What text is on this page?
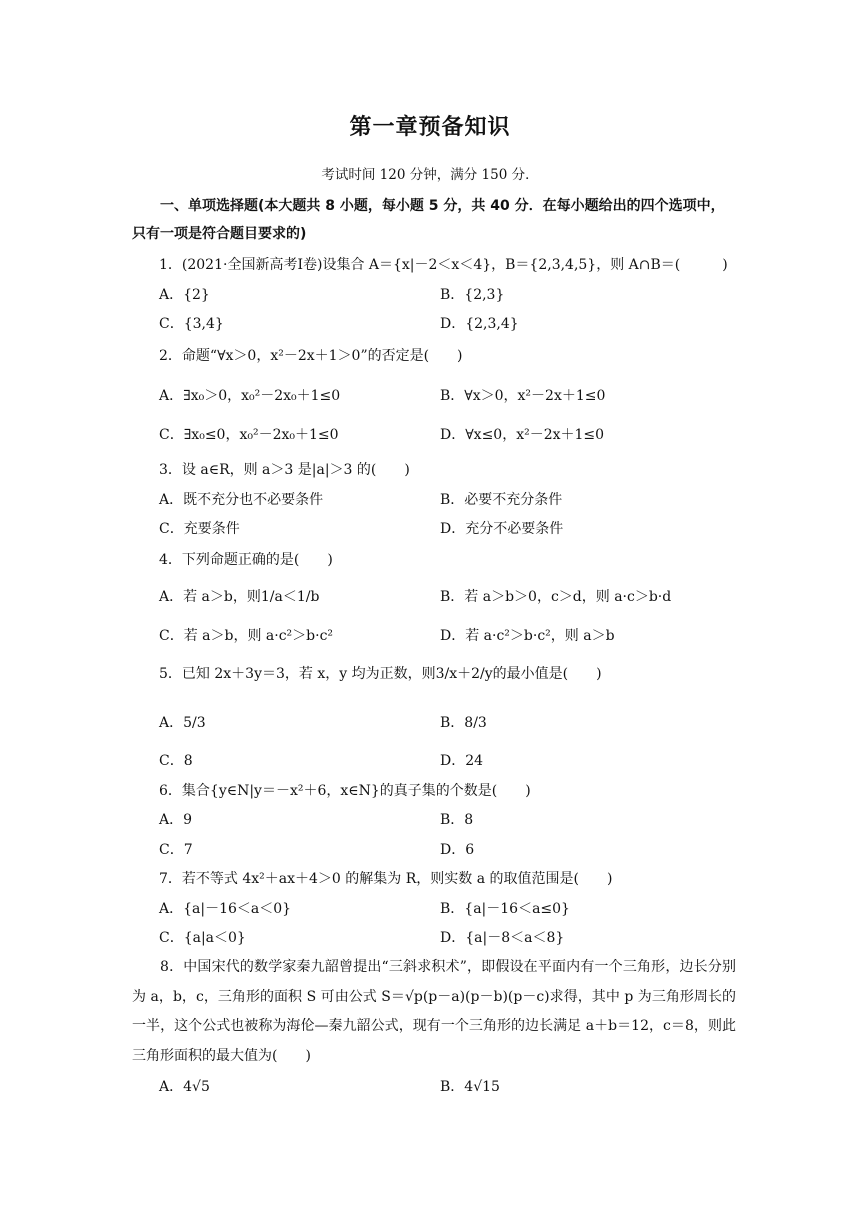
第一章预备知识
考试时间 120 分钟，满分 150 分．
一、单项选择题(本大题共 8 小题，每小题 5 分，共 40 分．在每小题给出的四个选项中，只有一项是符合题目要求的)
1．(2021·全国新高考Ⅰ卷)设集合 A＝{x|－2＜x＜4}，B＝{2,3,4,5}，则 A∩B＝(　　　)
A．{2}	B．{2,3}
C．{3,4}	D．{2,3,4}
2．命题“∀x＞0，x²－2x＋1＞0”的否定是(　　)
A．∃x₀＞0，x₀²－2x₀＋1≤0	B．∀x＞0，x²－2x＋1≤0
C．∃x₀≤0，x₀²－2x₀＋1≤0	D．∀x≤0，x²－2x＋1≤0
3．设 a∈R，则 a＞3 是|a|＞3 的(　　)
A．既不充分也不必要条件	B．必要不充分条件
C．充要条件	D．充分不必要条件
4．下列命题正确的是(　　)
A．若 a＞b，则1/a＜1/b	B．若 a＞b＞0，c＞d，则 a·c＞b·d
C．若 a＞b，则 a·c²＞b·c²	D．若 a·c²＞b·c²，则 a＞b
5．已知 2x＋3y＝3，若 x，y 均为正数，则3/x＋2/y的最小值是(　　)
A．5/3	B．8/3
C．8	D．24
6．集合{y∈N|y＝－x²＋6，x∈N}的真子集的个数是(　　)
A．9	B．8
C．7	D．6
7．若不等式 4x²＋ax＋4＞0 的解集为 R，则实数 a 的取值范围是(　　)
A．{a|－16＜a＜0}	B．{a|－16＜a≤0}
C．{a|a＜0}	D．{a|－8＜a＜8}
8．中国宋代的数学家秦九韶曾提出“三斜求积术”，即假设在平面内有一个三角形，边长分别为 a，b，c，三角形的面积 S 可由公式 S＝√p(p－a)(p－b)(p－c)求得，其中 p 为三角形周长的一半，这个公式也被称为海伦—秦九韶公式，现有一个三角形的边长满足 a＋b＝12，c＝8，则此三角形面积的最大值为(　　)
A．4√5	B．4√15
